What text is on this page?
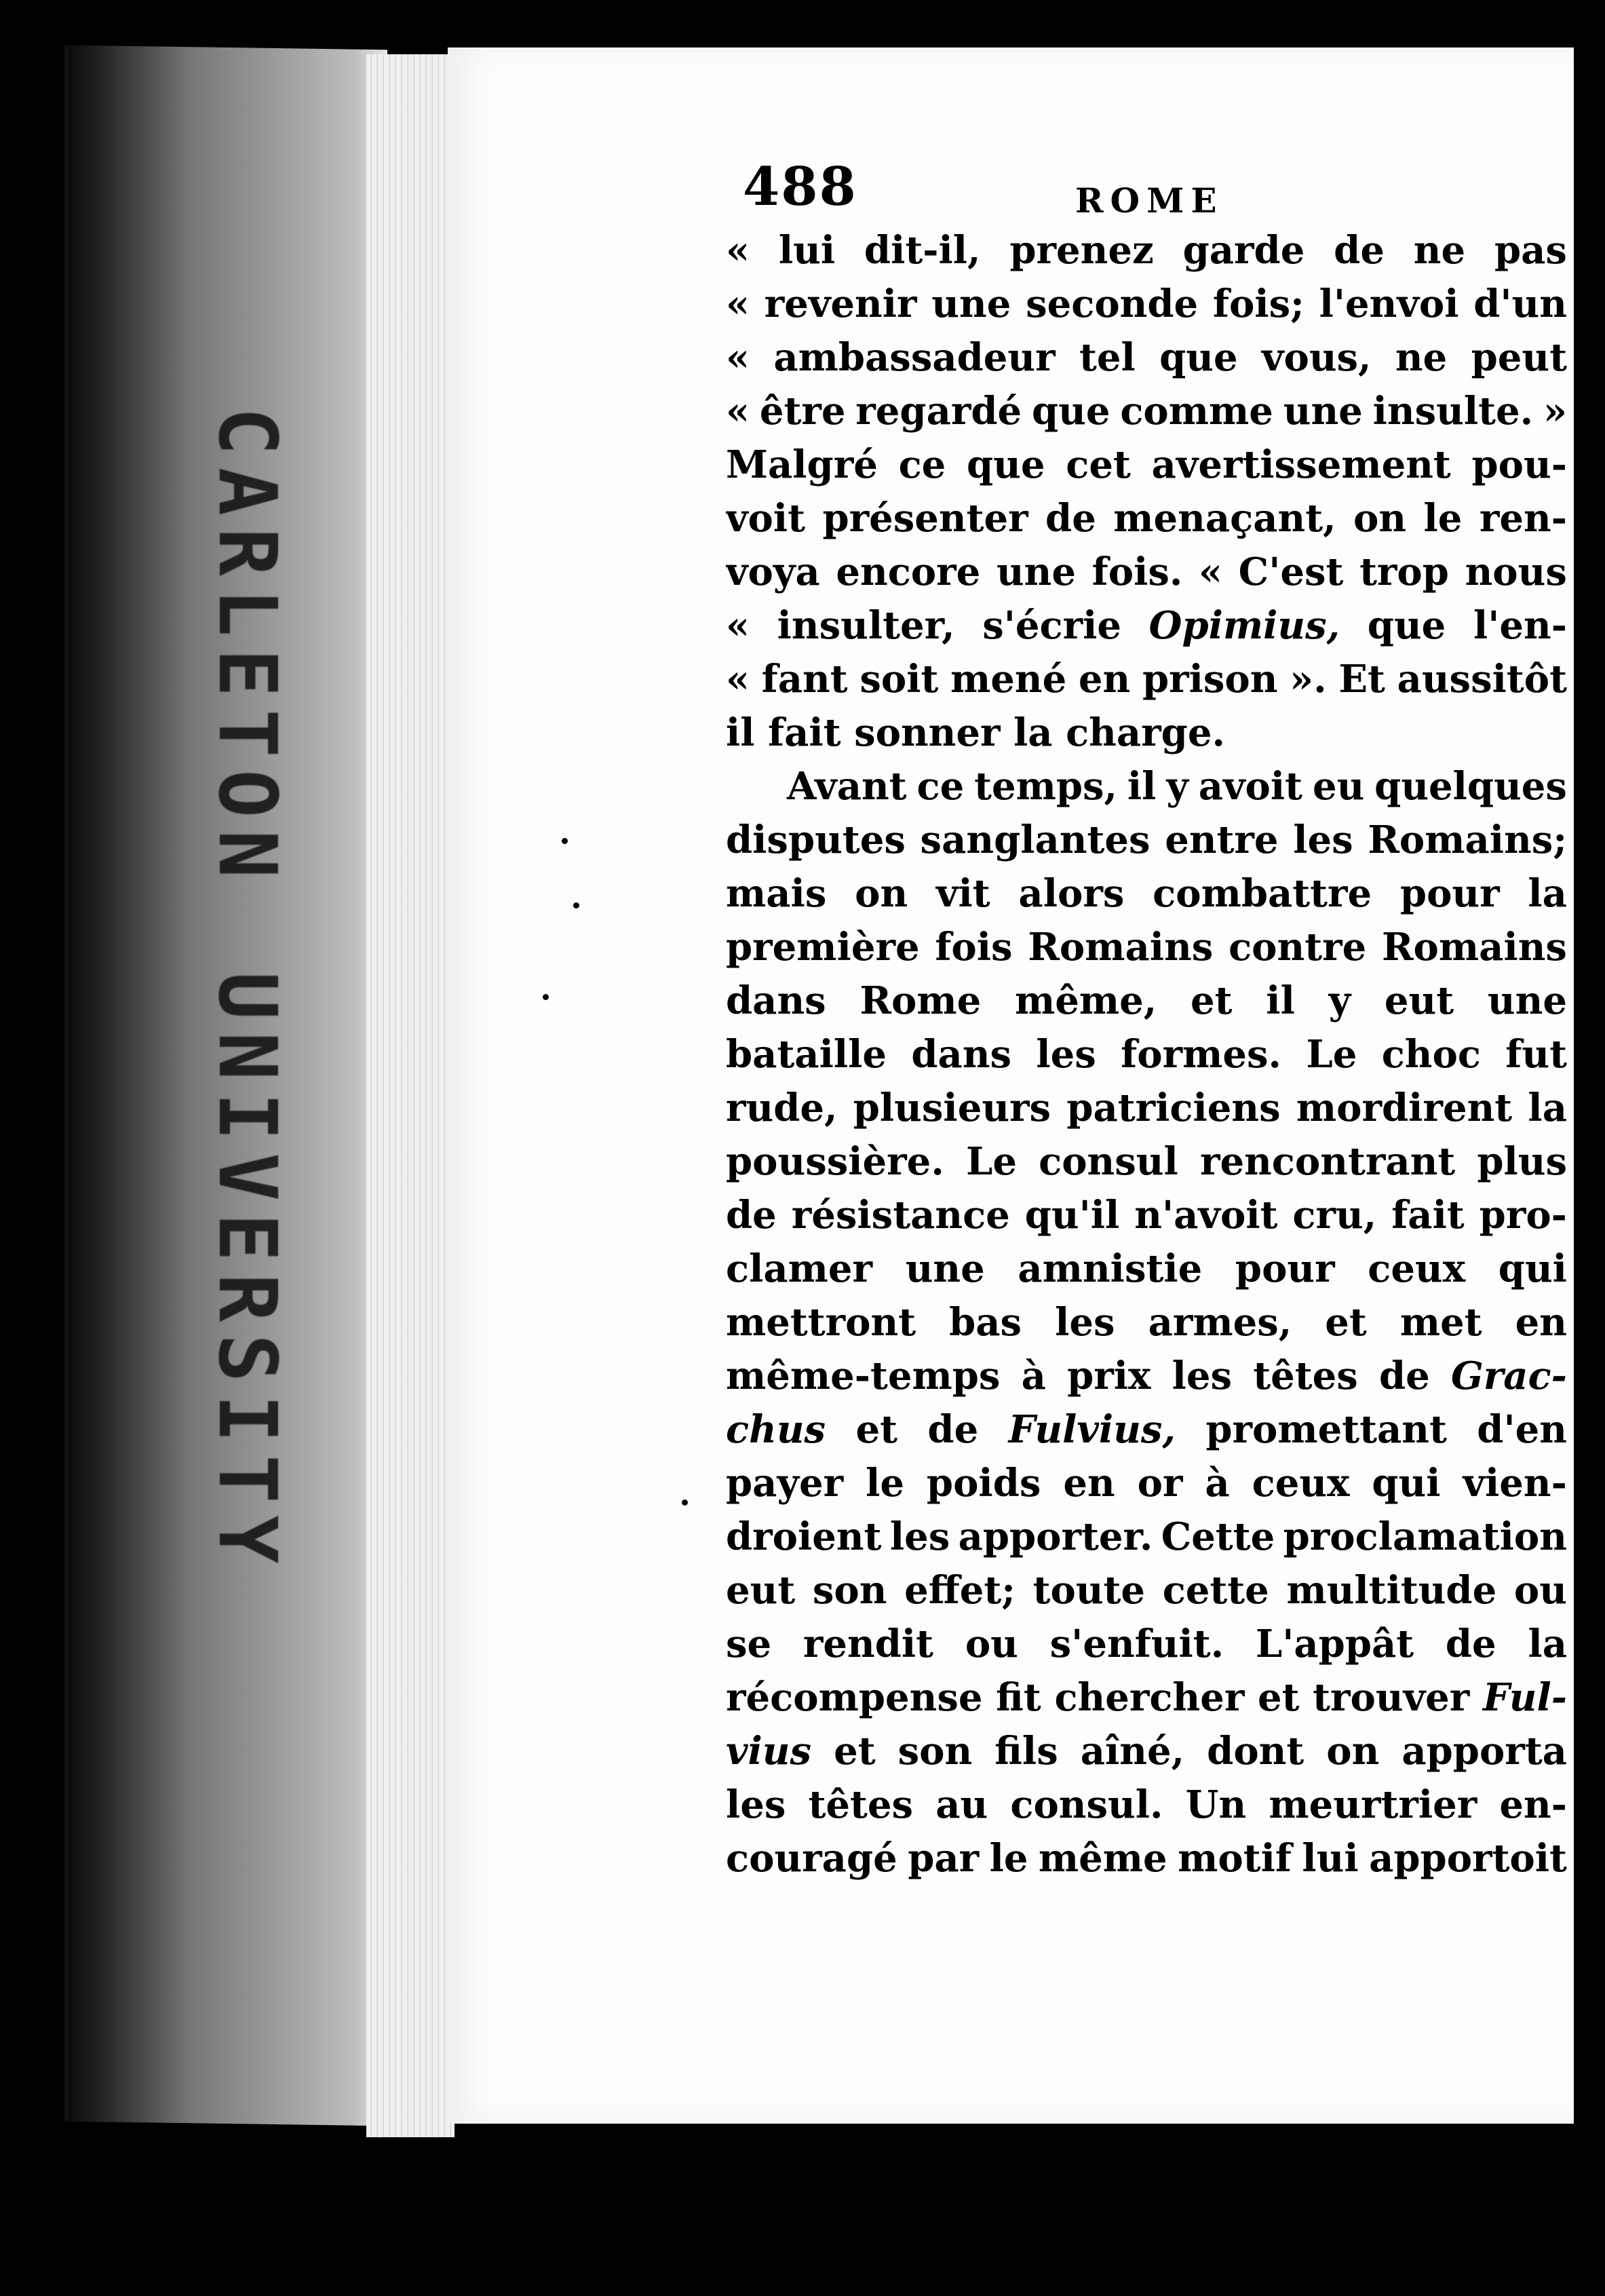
CARLETON
UNIVERSITY
488	ROME
« lui dit-il, prenez garde de ne pas
« revenir une seconde fois; l'envoi d'un
« ambassadeur tel que vous, ne peut
« être regardé que comme une insulte. »
Malgré ce que cet avertissement pou-
voit présenter de menaçant, on le ren-
voya encore une fois. « C'est trop nous
« insulter, s'écrie Opimius, que l'en-
« fant soit mené en prison ». Et aussitôt
il fait sonner la charge.
Avant ce temps, il y avoit eu quelques
disputes sanglantes entre les Romains;
mais on vit alors combattre pour la
première fois Romains contre Romains
dans Rome même, et il y eut une
bataille dans les formes. Le choc fut
rude, plusieurs patriciens mordirent la
poussière. Le consul rencontrant plus
de résistance qu'il n'avoit cru, fait pro-
clamer une amnistie pour ceux qui
mettront bas les armes, et met en
même-temps à prix les têtes de Grac-
chus et de Fulvius, promettant d'en
payer le poids en or à ceux qui vien-
droient les apporter. Cette proclamation
eut son effet; toute cette multitude ou
se rendit ou s'enfuit. L'appât de la
récompense fit chercher et trouver Ful-
vius et son fils aîné, dont on apporta
les têtes au consul. Un meurtrier en-
couragé par le même motif lui apportoit
